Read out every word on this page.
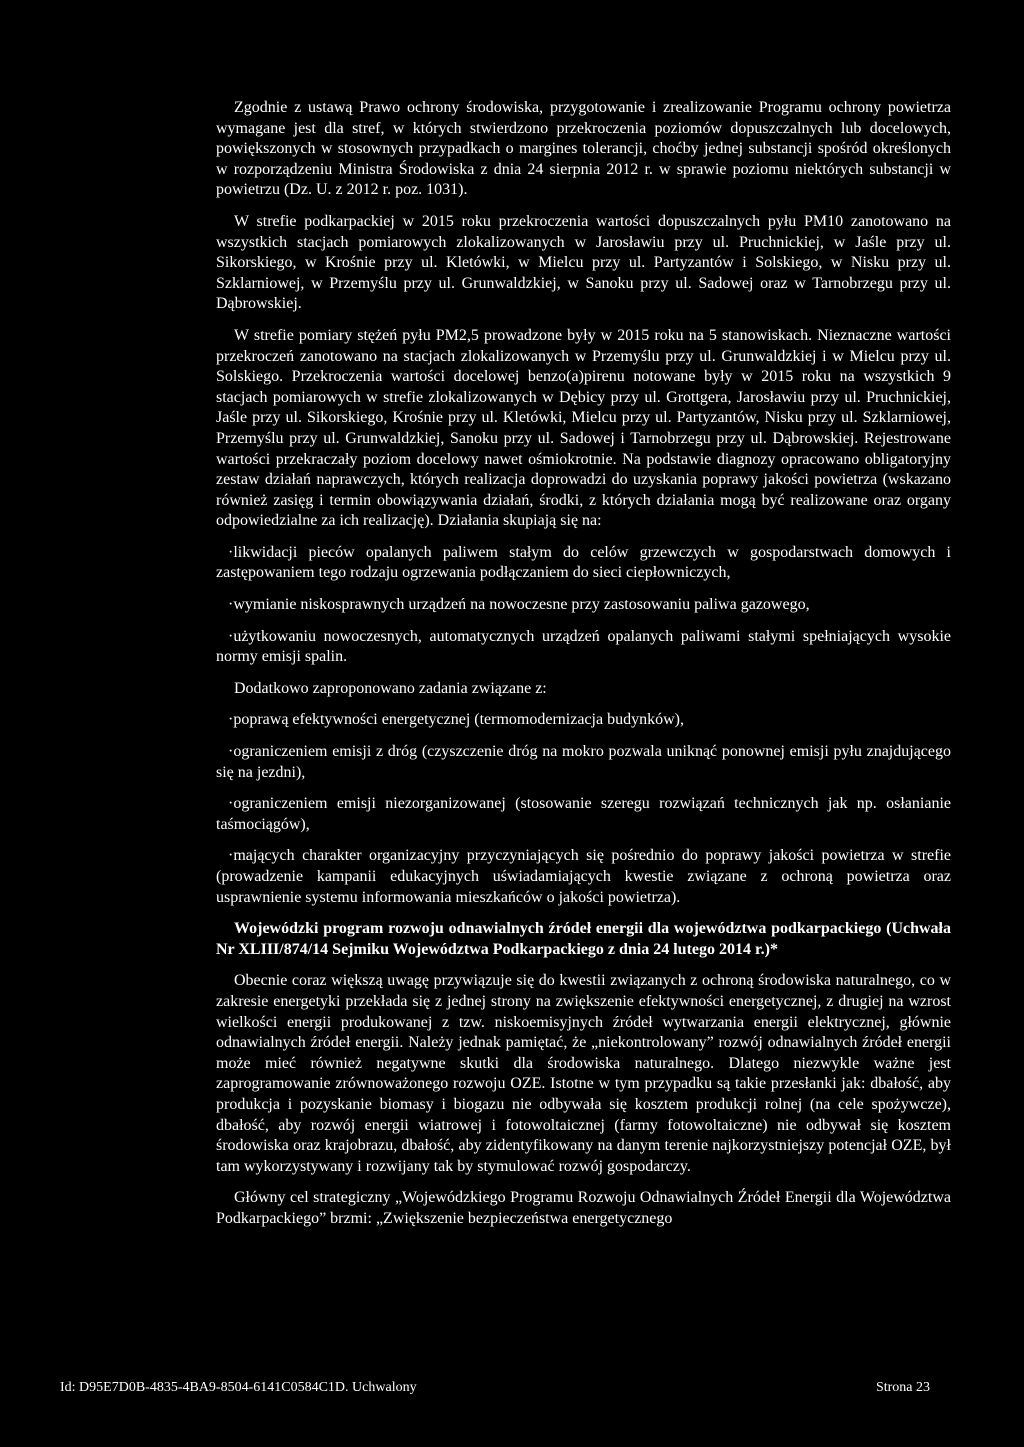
Zgodnie z ustawą Prawo ochrony środowiska, przygotowanie i zrealizowanie Programu ochrony powietrza wymagane jest dla stref, w których stwierdzono przekroczenia poziomów dopuszczalnych lub docelowych, powiększonych w stosownych przypadkach o margines tolerancji, choćby jednej substancji spośród określonych w rozporządzeniu Ministra Środowiska z dnia 24 sierpnia 2012 r. w sprawie poziomu niektórych substancji w powietrzu (Dz. U. z 2012 r. poz. 1031).

W strefie podkarpackiej w 2015 roku przekroczenia wartości dopuszczalnych pyłu PM10 zanotowano na wszystkich stacjach pomiarowych zlokalizowanych w Jarosławiu przy ul. Pruchnickiej, w Jaśle przy ul. Sikorskiego, w Krośnie przy ul. Kletówki, w Mielcu przy ul. Partyzantów i Solskiego, w Nisku przy ul. Szklarniowej, w Przemyślu przy ul. Grunwaldzkiej, w Sanoku przy ul. Sadowej oraz w Tarnobrzegu przy ul. Dąbrowskiej.

W strefie pomiary stężeń pyłu PM2,5 prowadzone były w 2015 roku na 5 stanowiskach. Nieznaczne wartości przekroczeń zanotowano na stacjach zlokalizowanych w Przemyślu przy ul. Grunwaldzkiej i w Mielcu przy ul. Solskiego. Przekroczenia wartości docelowej benzo(a)pirenu notowane były w 2015 roku na wszystkich 9 stacjach pomiarowych w strefie zlokalizowanych w Dębicy przy ul. Grottgera, Jarosławiu przy ul. Pruchnickiej, Jaśle przy ul. Sikorskiego, Krośnie przy ul. Kletówki, Mielcu przy ul. Partyzantów, Nisku przy ul. Szklarniowej, Przemyślu przy ul. Grunwaldzkiej, Sanoku przy ul. Sadowej i Tarnobrzegu przy ul. Dąbrowskiej. Rejestrowane wartości przekraczały poziom docelowy nawet ośmiokrotnie. Na podstawie diagnozy opracowano obligatoryjny zestaw działań naprawczych, których realizacja doprowadzi do uzyskania poprawy jakości powietrza (wskazano również zasięg i termin obowiązywania działań, środki, z których działania mogą być realizowane oraz organy odpowiedzialne za ich realizację). Działania skupiają się na:

·likwidacji pieców opalanych paliwem stałym do celów grzewczych w gospodarstwach domowych i zastępowaniem tego rodzaju ogrzewania podłączaniem do sieci ciepłowniczych,

·wymianie niskosprawnych urządzeń na nowoczesne przy zastosowaniu paliwa gazowego,

·użytkowaniu nowoczesnych, automatycznych urządzeń opalanych paliwami stałymi spełniających wysokie normy emisji spalin.

Dodatkowo zaproponowano zadania związane z:

·poprawą efektywności energetycznej (termomodernizacja budynków),

·ograniczeniem emisji z dróg (czyszczenie dróg na mokro pozwala uniknąć ponownej emisji pyłu znajdującego się na jezdni),

·ograniczeniem emisji niezorganizowanej (stosowanie szeregu rozwiązań technicznych jak np. osłanianie taśmociągów),

·mających charakter organizacyjny przyczyniających się pośrednio do poprawy jakości powietrza w strefie (prowadzenie kampanii edukacyjnych uświadamiających kwestie związane z ochroną powietrza oraz usprawnienie systemu informowania mieszkańców o jakości powietrza).

Wojewódzki program rozwoju odnawialnych źródeł energii dla województwa podkarpackiego (Uchwała Nr XLIII/874/14 Sejmiku Województwa Podkarpackiego z dnia 24 lutego 2014 r.)*

Obecnie coraz większą uwagę przywiązuje się do kwestii związanych z ochroną środowiska naturalnego, co w zakresie energetyki przekłada się z jednej strony na zwiększenie efektywności energetycznej, z drugiej na wzrost wielkości energii produkowanej z tzw. niskoemisyjnych źródeł wytwarzania energii elektrycznej, głównie odnawialnych źródeł energii. Należy jednak pamiętać, że „niekontrolowany” rozwój odnawialnych źródeł energii może mieć również negatywne skutki dla środowiska naturalnego. Dlatego niezwykle ważne jest zaprogramowanie zrównoważonego rozwoju OZE. Istotne w tym przypadku są takie przesłanki jak: dbałość, aby produkcja i pozyskanie biomasy i biogazu nie odbywała się kosztem produkcji rolnej (na cele spożywcze), dbałość, aby rozwój energii wiatrowej i fotowoltaicznej (farmy fotowoltaiczne) nie odbywał się kosztem środowiska oraz krajobrazu, dbałość, aby zidentyfikowany na danym terenie najkorzystniejszy potencjał OZE, był tam wykorzystywany i rozwijany tak by stymulować rozwój gospodarczy.

Główny cel strategiczny „Wojewódzkiego Programu Rozwoju Odnawialnych Źródeł Energii dla Województwa Podkarpackiego” brzmi: „Zwiększenie bezpieczeństwa energetycznego

Id: D95E7D0B-4835-4BA9-8504-6141C0584C1D. Uchwalony	Strona 23
